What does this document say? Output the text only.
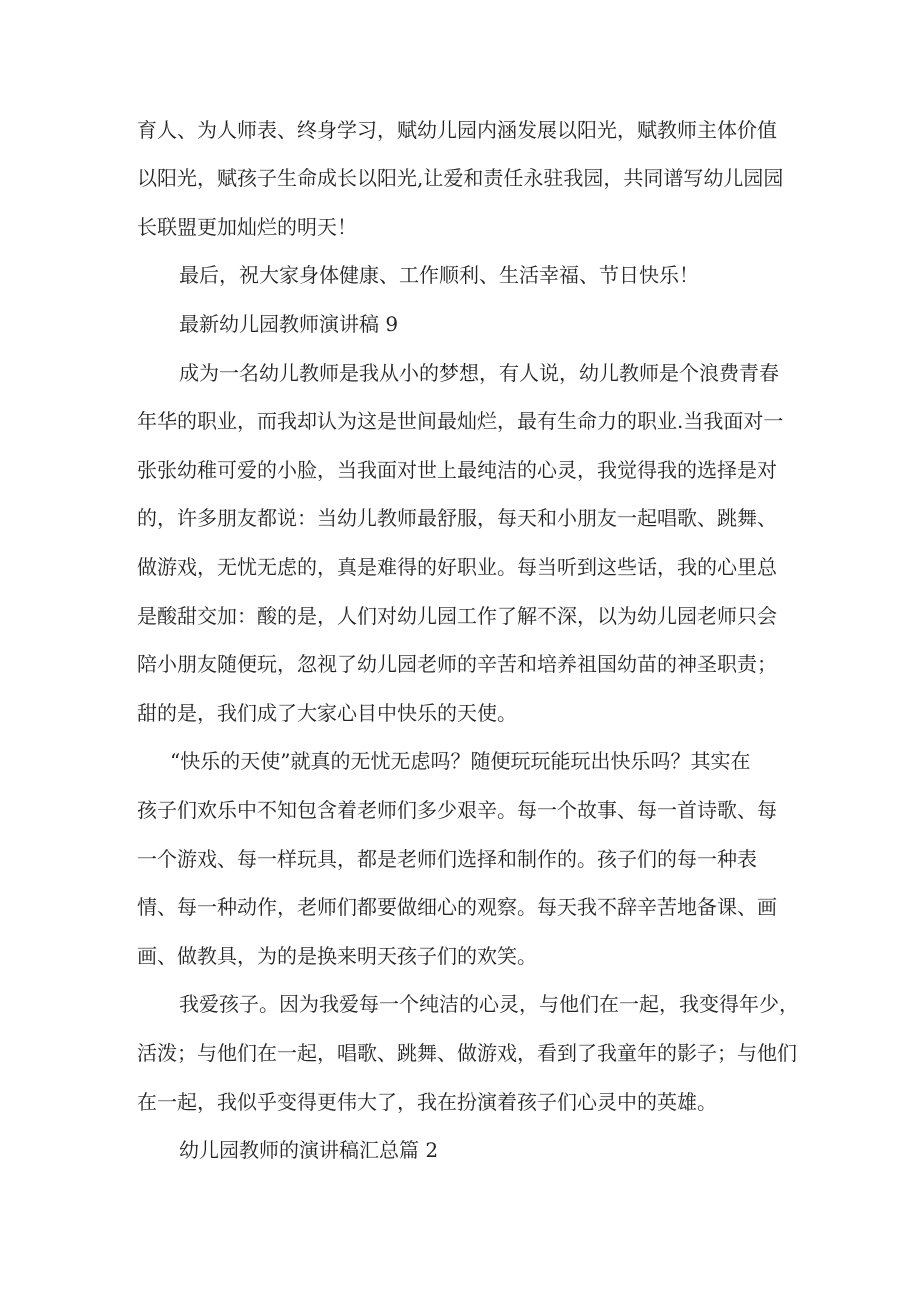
育人、为人师表、终身学习，赋幼儿园内涵发展以阳光，赋教师主体价值
以阳光，赋孩子生命成长以阳光,让爱和责任永驻我园，共同谱写幼儿园园
长联盟更加灿烂的明天！
最后，祝大家身体健康、工作顺利、生活幸福、节日快乐！
最新幼儿园教师演讲稿 9
成为一名幼儿教师是我从小的梦想，有人说，幼儿教师是个浪费青春
年华的职业，而我却认为这是世间最灿烂，最有生命力的职业.当我面对一
张张幼稚可爱的小脸，当我面对世上最纯洁的心灵，我觉得我的选择是对
的，许多朋友都说：当幼儿教师最舒服，每天和小朋友一起唱歌、跳舞、
做游戏，无忧无虑的，真是难得的好职业。每当听到这些话，我的心里总
是酸甜交加：酸的是，人们对幼儿园工作了解不深，以为幼儿园老师只会
陪小朋友随便玩，忽视了幼儿园老师的辛苦和培养祖国幼苗的神圣职责；
甜的是，我们成了大家心目中快乐的天使。
“快乐的天使”就真的无忧无虑吗？随便玩玩能玩出快乐吗？其实在
孩子们欢乐中不知包含着老师们多少艰辛。每一个故事、每一首诗歌、每
一个游戏、每一样玩具，都是老师们选择和制作的。孩子们的每一种表
情、每一种动作，老师们都要做细心的观察。每天我不辞辛苦地备课、画
画、做教具，为的是换来明天孩子们的欢笑。
我爱孩子。因为我爱每一个纯洁的心灵，与他们在一起，我变得年少，
活泼；与他们在一起，唱歌、跳舞、做游戏，看到了我童年的影子；与他们
在一起，我似乎变得更伟大了，我在扮演着孩子们心灵中的英雄。
幼儿园教师的演讲稿汇总篇 2
